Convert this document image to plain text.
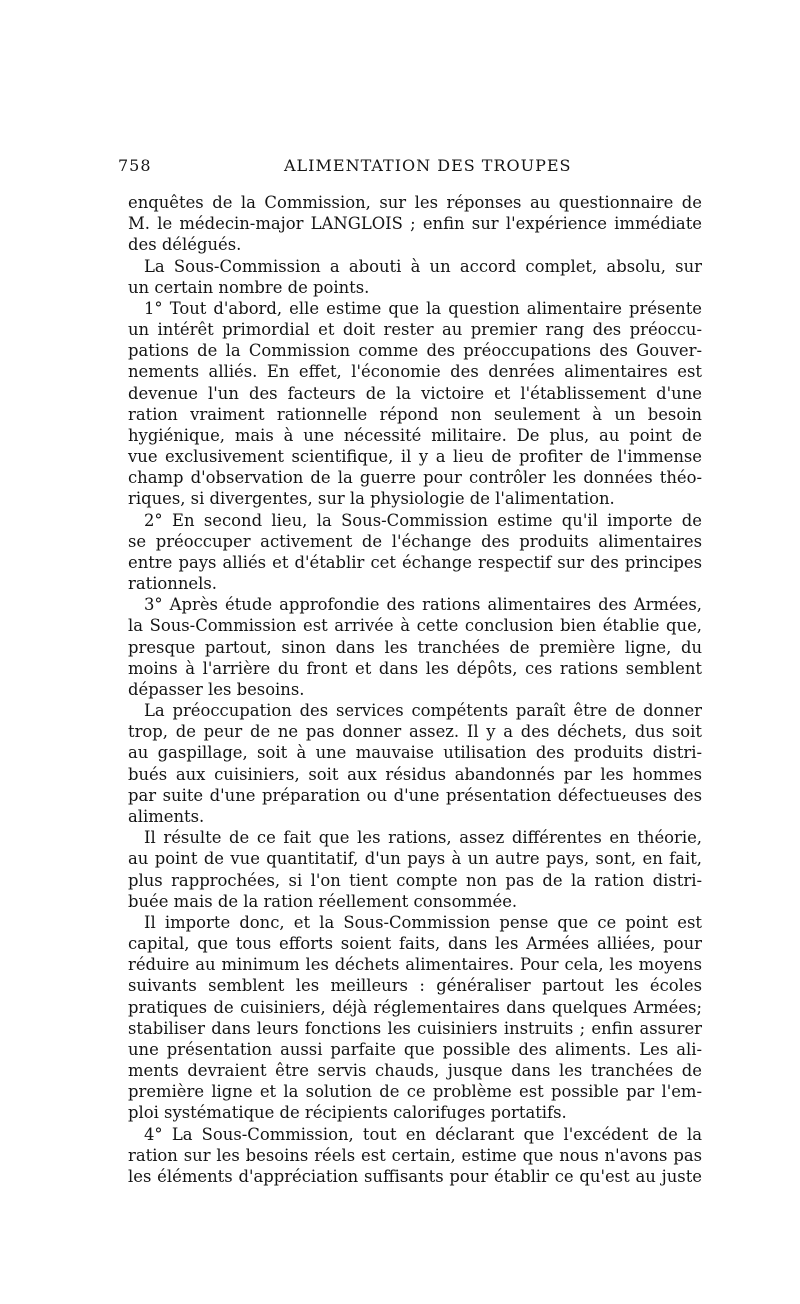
758	ALIMENTATION DES TROUPES
enquêtes de la Commission, sur les réponses au questionnaire de
M. le médecin-major LANGLOIS ; enfin sur l'expérience immédiate
des délégués.
La Sous-Commission a abouti à un accord complet, absolu, sur
un certain nombre de points.
1° Tout d'abord, elle estime que la question alimentaire présente
un intérêt primordial et doit rester au premier rang des préoccu-
pations de la Commission comme des préoccupations des Gouver-
nements alliés. En effet, l'économie des denrées alimentaires est
devenue l'un des facteurs de la victoire et l'établissement d'une
ration vraiment rationnelle répond non seulement à un besoin
hygiénique, mais à une nécessité militaire. De plus, au point de
vue exclusivement scientifique, il y a lieu de profiter de l'immense
champ d'observation de la guerre pour contrôler les données théo-
riques, si divergentes, sur la physiologie de l'alimentation.
2° En second lieu, la Sous-Commission estime qu'il importe de
se préoccuper activement de l'échange des produits alimentaires
entre pays alliés et d'établir cet échange respectif sur des principes
rationnels.
3° Après étude approfondie des rations alimentaires des Armées,
la Sous-Commission est arrivée à cette conclusion bien établie que,
presque partout, sinon dans les tranchées de première ligne, du
moins à l'arrière du front et dans les dépôts, ces rations semblent
dépasser les besoins.
La préoccupation des services compétents paraît être de donner
trop, de peur de ne pas donner assez. Il y a des déchets, dus soit
au gaspillage, soit à une mauvaise utilisation des produits distri-
bués aux cuisiniers, soit aux résidus abandonnés par les hommes
par suite d'une préparation ou d'une présentation défectueuses des
aliments.
Il résulte de ce fait que les rations, assez différentes en théorie,
au point de vue quantitatif, d'un pays à un autre pays, sont, en fait,
plus rapprochées, si l'on tient compte non pas de la ration distri-
buée mais de la ration réellement consommée.
Il importe donc, et la Sous-Commission pense que ce point est
capital, que tous efforts soient faits, dans les Armées alliées, pour
réduire au minimum les déchets alimentaires. Pour cela, les moyens
suivants semblent les meilleurs : généraliser partout les écoles
pratiques de cuisiniers, déjà réglementaires dans quelques Armées;
stabiliser dans leurs fonctions les cuisiniers instruits ; enfin assurer
une présentation aussi parfaite que possible des aliments. Les ali-
ments devraient être servis chauds, jusque dans les tranchées de
première ligne et la solution de ce problème est possible par l'em-
ploi systématique de récipients calorifuges portatifs.
4° La Sous-Commission, tout en déclarant que l'excédent de la
ration sur les besoins réels est certain, estime que nous n'avons pas
les éléments d'appréciation suffisants pour établir ce qu'est au juste
